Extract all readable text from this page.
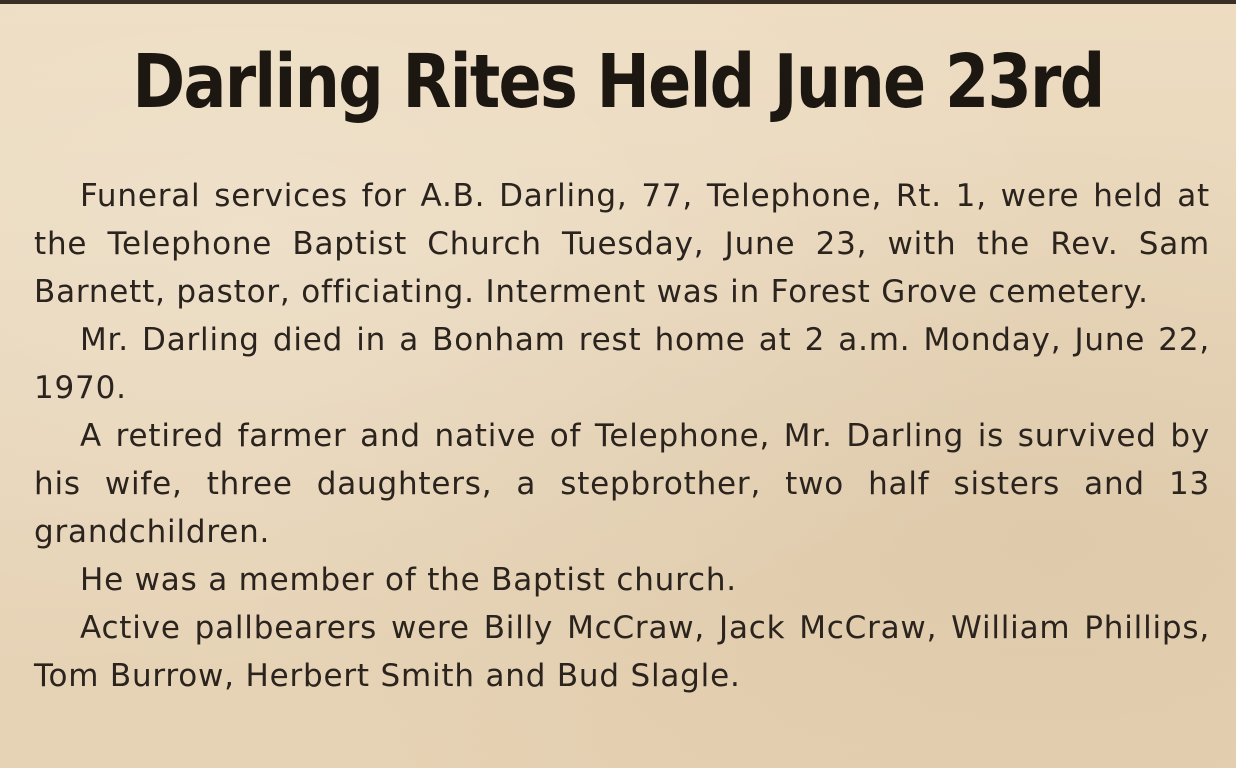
Darling Rites Held June 23rd

Funeral services for A.B. Darling, 77, Telephone, Rt. 1, were held at the Telephone Baptist Church Tuesday, June 23, with the Rev. Sam Barnett, pastor, officiating. Interment was in Forest Grove cemetery.

Mr. Darling died in a Bonham rest home at 2 a.m. Monday, June 22, 1970.

A retired farmer and native of Telephone, Mr. Darling is survived by his wife, three daughters, a stepbrother, two half sisters and 13 grandchildren.

He was a member of the Baptist church.

Active pallbearers were Billy McCraw, Jack McCraw, William Phillips, Tom Burrow, Herbert Smith and Bud Slagle.
